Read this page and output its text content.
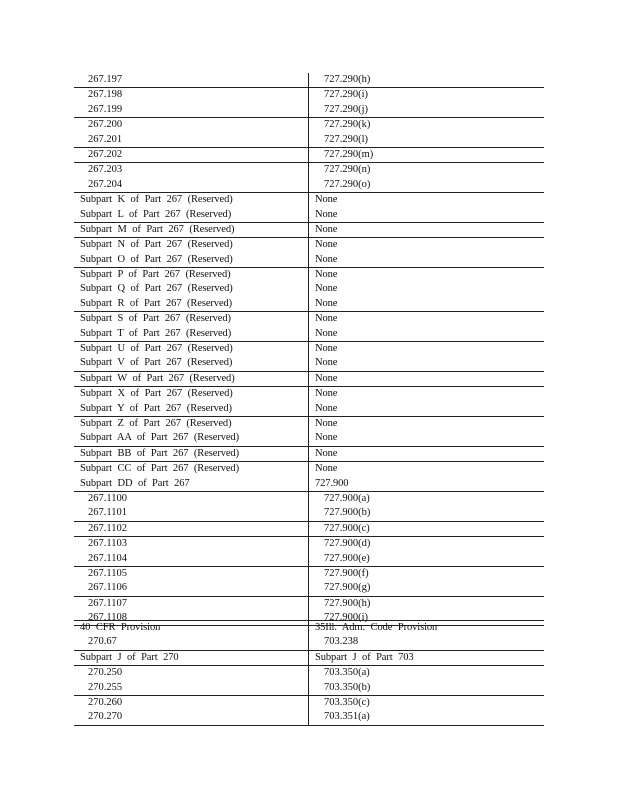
267.197	727.290(h)
267.198	727.290(i)
267.199	727.290(j)
267.200	727.290(k)
267.201	727.290(l)
267.202	727.290(m)
267.203	727.290(n)
267.204	727.290(o)
Subpart K of Part 267 (Reserved)	None
Subpart L of Part 267 (Reserved)	None
Subpart M of Part 267 (Reserved)	None
Subpart N of Part 267 (Reserved)	None
Subpart O of Part 267 (Reserved)	None
Subpart P of Part 267 (Reserved)	None
Subpart Q of Part 267 (Reserved)	None
Subpart R of Part 267 (Reserved)	None
Subpart S of Part 267 (Reserved)	None
Subpart T of Part 267 (Reserved)	None
Subpart U of Part 267 (Reserved)	None
Subpart V of Part 267 (Reserved)	None
Subpart W of Part 267 (Reserved)	None
Subpart X of Part 267 (Reserved)	None
Subpart Y of Part 267 (Reserved)	None
Subpart Z of Part 267 (Reserved)	None
Subpart AA of Part 267 (Reserved)	None
Subpart BB of Part 267 (Reserved)	None
Subpart CC of Part 267 (Reserved)	None
Subpart DD of Part 267	727.900
267.1100	727.900(a)
267.1101	727.900(b)
267.1102	727.900(c)
267.1103	727.900(d)
267.1104	727.900(e)
267.1105	727.900(f)
267.1106	727.900(g)
267.1107	727.900(h)
267.1108	727.900(i)
40 CFR Provision	35Ill. Adm. Code Provision
270.67	703.238
Subpart J of Part 270	Subpart J of Part 703
270.250	703.350(a)
270.255	703.350(b)
270.260	703.350(c)
270.270	703.351(a)
